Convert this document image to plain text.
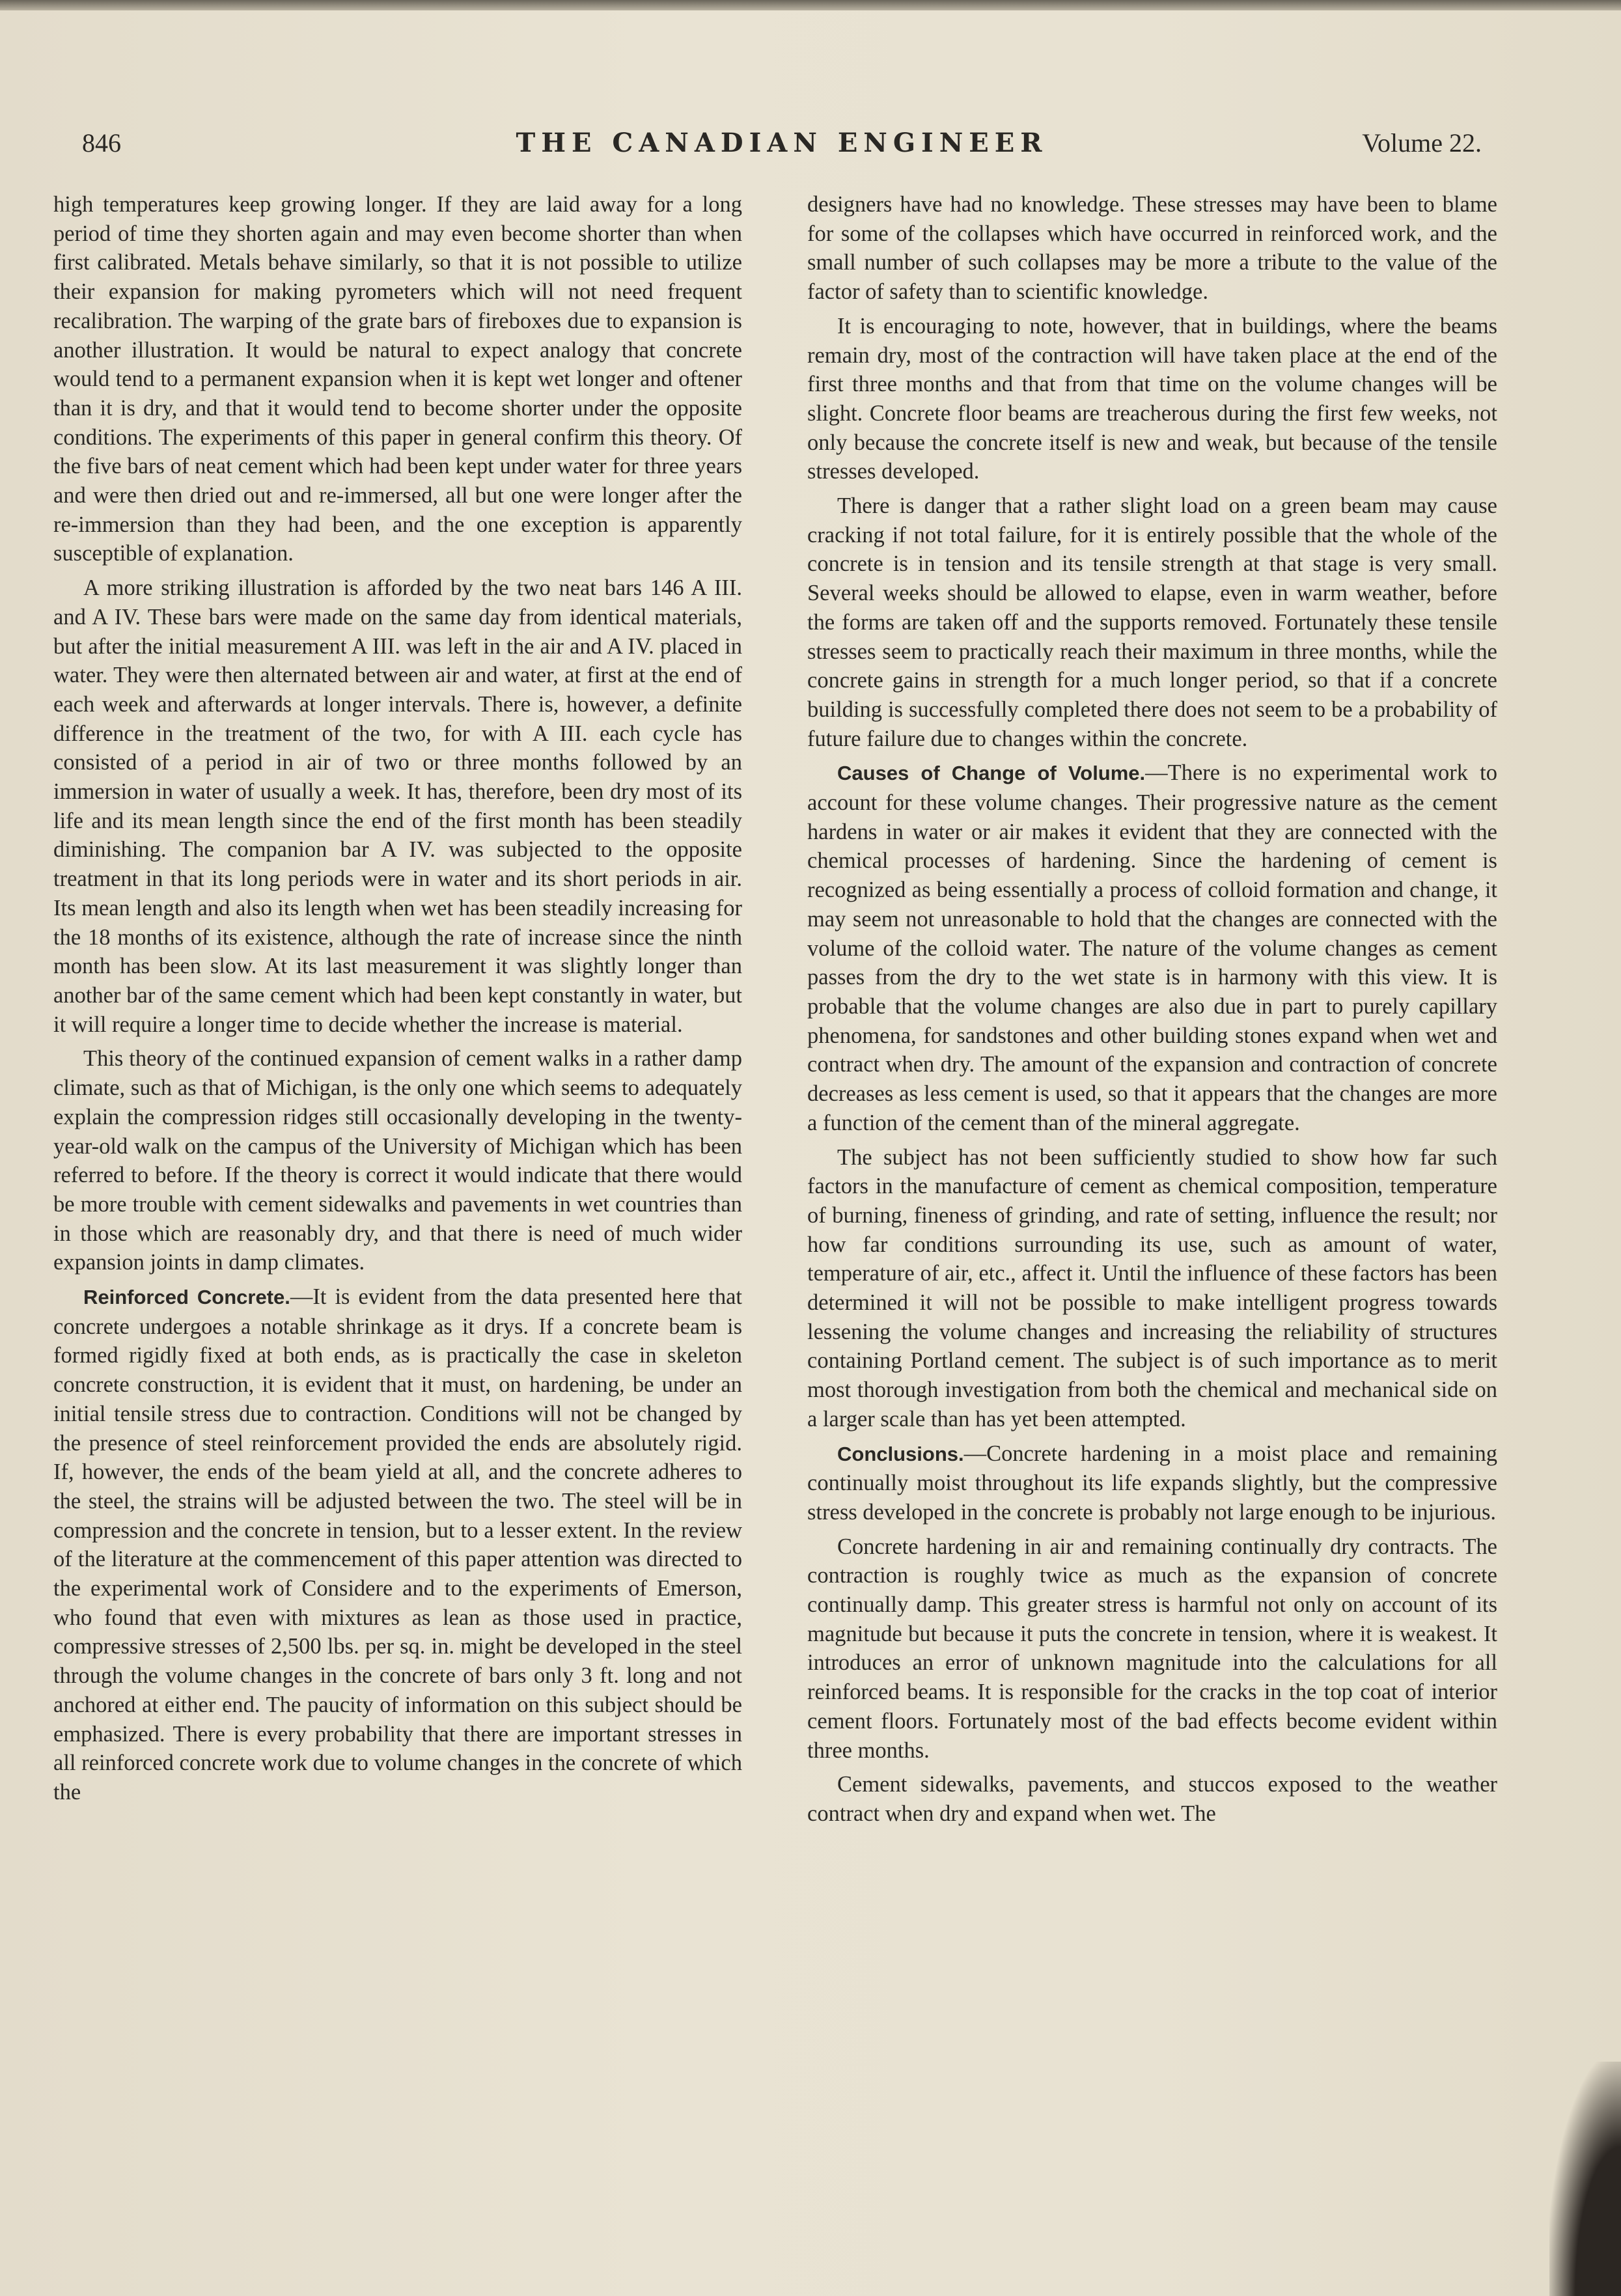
846	THE CANADIAN ENGINEER	Volume 22.

high temperatures keep growing longer. If they are laid away for a long period of time they shorten again and may even become shorter than when first calibrated. Metals behave similarly, so that it is not possible to utilize their expansion for making pyrometers which will not need frequent recalibration. The warping of the grate bars of fireboxes due to expansion is another illustration. It would be natural to expect analogy that concrete would tend to a permanent expansion when it is kept wet longer and oftener than it is dry, and that it would tend to become shorter under the opposite conditions. The experiments of this paper in general confirm this theory. Of the five bars of neat cement which had been kept under water for three years and were then dried out and re-immersed, all but one were longer after the re-immersion than they had been, and the one exception is apparently susceptible of explanation.

A more striking illustration is afforded by the two neat bars 146 A III. and A IV. These bars were made on the same day from identical materials, but after the initial measurement A III. was left in the air and A IV. placed in water. They were then alternated between air and water, at first at the end of each week and afterwards at longer intervals. There is, however, a definite difference in the treatment of the two, for with A III. each cycle has consisted of a period in air of two or three months followed by an immersion in water of usually a week. It has, therefore, been dry most of its life and its mean length since the end of the first month has been steadily diminishing. The companion bar A IV. was subjected to the opposite treatment in that its long periods were in water and its short periods in air. Its mean length and also its length when wet has been steadily increasing for the 18 months of its existence, although the rate of increase since the ninth month has been slow. At its last measurement it was slightly longer than another bar of the same cement which had been kept constantly in water, but it will require a longer time to decide whether the increase is material.

This theory of the continued expansion of cement walks in a rather damp climate, such as that of Michigan, is the only one which seems to adequately explain the compression ridges still occasionally developing in the twenty-year-old walk on the campus of the University of Michigan which has been referred to before. If the theory is correct it would indicate that there would be more trouble with cement sidewalks and pavements in wet countries than in those which are reasonably dry, and that there is need of much wider expansion joints in damp climates.

Reinforced Concrete.—It is evident from the data presented here that concrete undergoes a notable shrinkage as it drys. If a concrete beam is formed rigidly fixed at both ends, as is practically the case in skeleton concrete construction, it is evident that it must, on hardening, be under an initial tensile stress due to contraction. Conditions will not be changed by the presence of steel reinforcement provided the ends are absolutely rigid. If, however, the ends of the beam yield at all, and the concrete adheres to the steel, the strains will be adjusted between the two. The steel will be in compression and the concrete in tension, but to a lesser extent. In the review of the literature at the commencement of this paper attention was directed to the experimental work of Considere and to the experiments of Emerson, who found that even with mixtures as lean as those used in practice, compressive stresses of 2,500 lbs. per sq. in. might be developed in the steel through the volume changes in the concrete of bars only 3 ft. long and not anchored at either end. The paucity of information on this subject should be emphasized. There is every probability that there are important stresses in all reinforced concrete work due to volume changes in the concrete of which the

designers have had no knowledge. These stresses may have been to blame for some of the collapses which have occurred in reinforced work, and the small number of such collapses may be more a tribute to the value of the factor of safety than to scientific knowledge.

It is encouraging to note, however, that in buildings, where the beams remain dry, most of the contraction will have taken place at the end of the first three months and that from that time on the volume changes will be slight. Concrete floor beams are treacherous during the first few weeks, not only because the concrete itself is new and weak, but because of the tensile stresses developed.

There is danger that a rather slight load on a green beam may cause cracking if not total failure, for it is entirely possible that the whole of the concrete is in tension and its tensile strength at that stage is very small. Several weeks should be allowed to elapse, even in warm weather, before the forms are taken off and the supports removed. Fortunately these tensile stresses seem to practically reach their maximum in three months, while the concrete gains in strength for a much longer period, so that if a concrete building is successfully completed there does not seem to be a probability of future failure due to changes within the concrete.

Causes of Change of Volume.—There is no experimental work to account for these volume changes. Their progressive nature as the cement hardens in water or air makes it evident that they are connected with the chemical processes of hardening. Since the hardening of cement is recognized as being essentially a process of colloid formation and change, it may seem not unreasonable to hold that the changes are connected with the volume of the colloid water. The nature of the volume changes as cement passes from the dry to the wet state is in harmony with this view. It is probable that the volume changes are also due in part to purely capillary phenomena, for sandstones and other building stones expand when wet and contract when dry. The amount of the expansion and contraction of concrete decreases as less cement is used, so that it appears that the changes are more a function of the cement than of the mineral aggregate.

The subject has not been sufficiently studied to show how far such factors in the manufacture of cement as chemical composition, temperature of burning, fineness of grinding, and rate of setting, influence the result; nor how far conditions surrounding its use, such as amount of water, temperature of air, etc., affect it. Until the influence of these factors has been determined it will not be possible to make intelligent progress towards lessening the volume changes and increasing the reliability of structures containing Portland cement. The subject is of such importance as to merit most thorough investigation from both the chemical and mechanical side on a larger scale than has yet been attempted.

Conclusions.—Concrete hardening in a moist place and remaining continually moist throughout its life expands slightly, but the compressive stress developed in the concrete is probably not large enough to be injurious.

Concrete hardening in air and remaining continually dry contracts. The contraction is roughly twice as much as the expansion of concrete continually damp. This greater stress is harmful not only on account of its magnitude but because it puts the concrete in tension, where it is weakest. It introduces an error of unknown magnitude into the calculations for all reinforced beams. It is responsible for the cracks in the top coat of interior cement floors. Fortunately most of the bad effects become evident within three months.

Cement sidewalks, pavements, and stuccos exposed to the weather contract when dry and expand when wet. The
